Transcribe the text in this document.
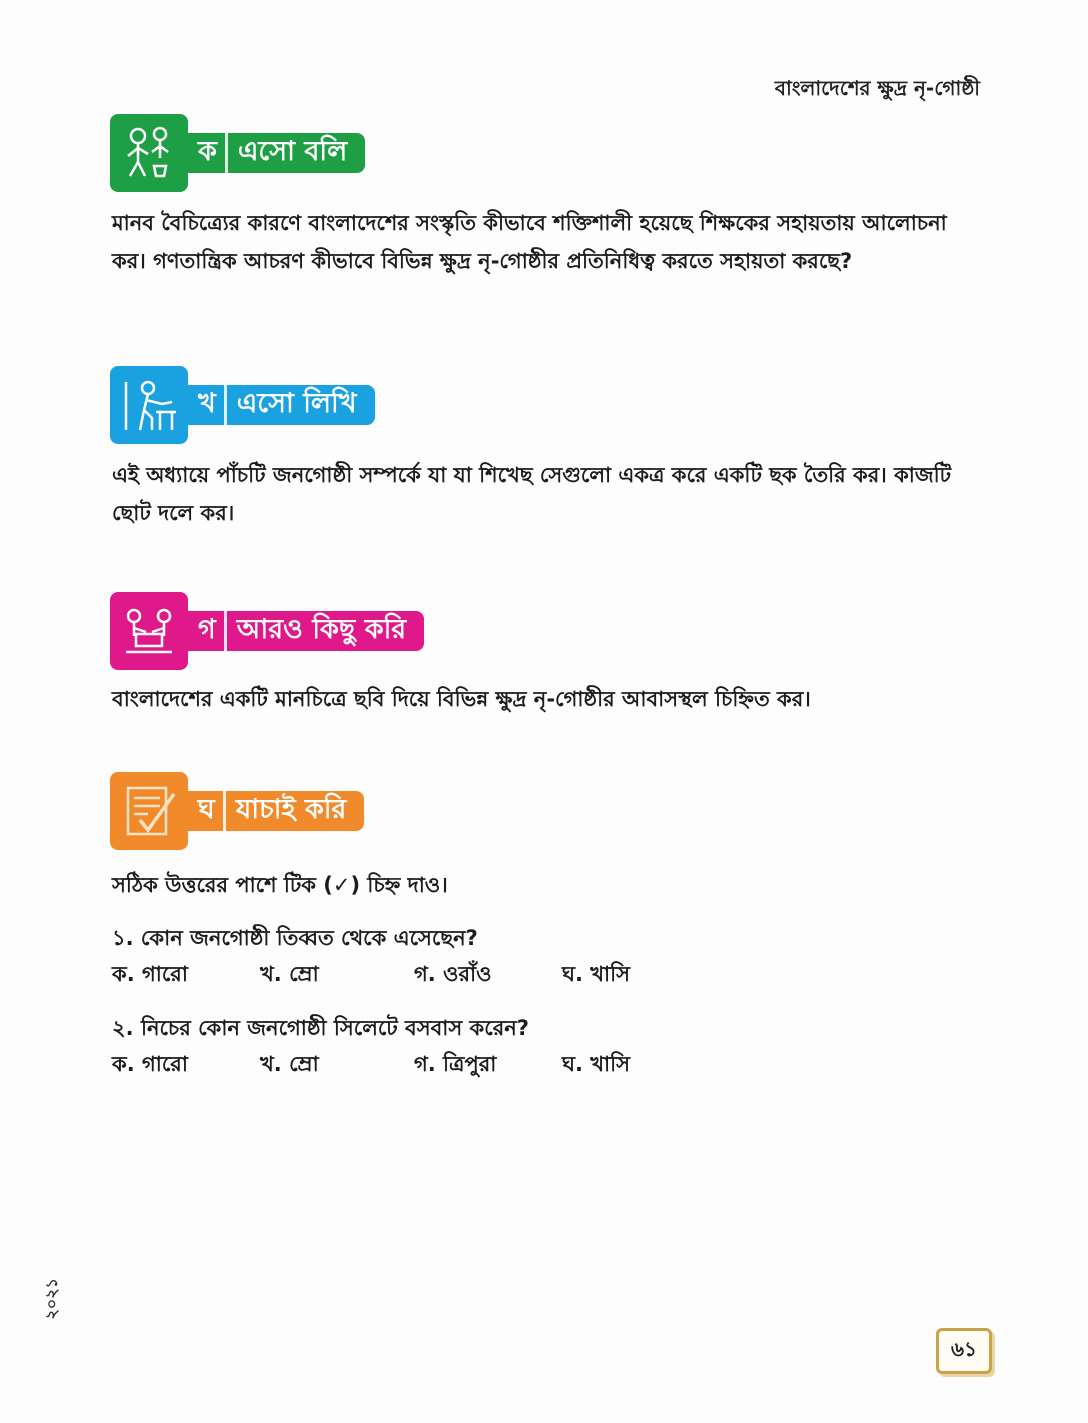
বাংলাদেশের ক্ষুদ্র নৃ-গোষ্ঠী
ক এসো বলি

মানব বৈচিত্র্যের কারণে বাংলাদেশের সংস্কৃতি কীভাবে শক্তিশালী হয়েছে শিক্ষকের সহায়তায় আলোচনা কর। গণতান্ত্রিক আচরণ কীভাবে বিভিন্ন ক্ষুদ্র নৃ-গোষ্ঠীর প্রতিনিধিত্ব করতে সহায়তা করছে?

খ এসো লিখি

এই অধ্যায়ে পাঁচটি জনগোষ্ঠী সম্পর্কে যা যা শিখেছ সেগুলো একত্র করে একটি ছক তৈরি কর। কাজটি ছোট দলে কর।

গ আরও কিছু করি

বাংলাদেশের একটি মানচিত্রে ছবি দিয়ে বিভিন্ন ক্ষুদ্র নৃ-গোষ্ঠীর আবাসস্থল চিহ্নিত কর।

ঘ যাচাই করি

সঠিক উত্তরের পাশে টিক (✓) চিহ্ন দাও।

১. কোন জনগোষ্ঠী তিব্বত থেকে এসেছেন?

ক. গারো	খ. ম্রো	গ. ওরাঁও	ঘ. খাসি

২. নিচের কোন জনগোষ্ঠী সিলেটে বসবাস করেন?

ক. গারো	খ. ম্রো	গ. ত্রিপুরা	ঘ. খাসি
২০২১
৬১
